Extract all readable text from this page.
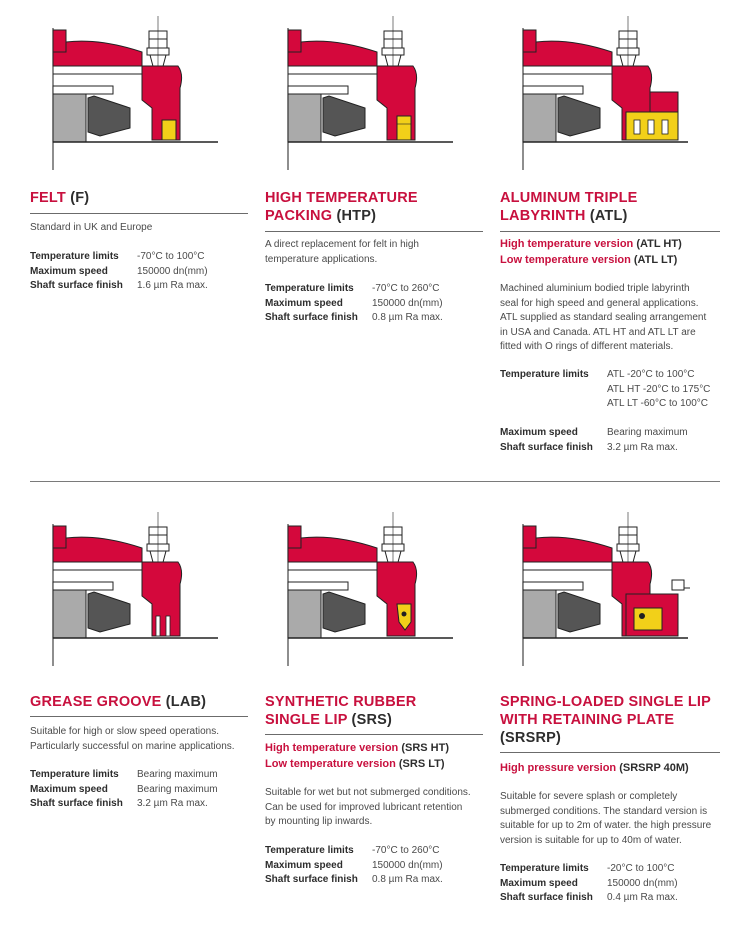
FELT (F)
Standard in UK and Europe
Temperature limits -70°C to 100°C
Maximum speed	150000 dn(mm)
Shaft surface finish 1.6 µm Ra max.
HIGH TEMPERATURE
PACKING (HTP)
A direct replacement for felt in high
temperature applications.
Temperature limits -70°C to 260°C
Maximum speed	150000 dn(mm)
Shaft surface finish 0.8 µm Ra max.
ALUMINUM TRIPLE
LABYRINTH (ATL)
High temperature version (ATL HT)
Low temperature version (ATL LT)
Machined aluminium bodied triple labyrinth
seal for high speed and general applications.
ATL supplied as standard sealing arrangement
in USA and Canada. ATL HT and ATL LT are
fitted with O rings of different materials.
Temperature limits ATL -20°C to 100°C
ATL HT -20°C to 175°C
ATL LT -60°C to 100°C
Maximum speed	Bearing maximum
Shaft surface finish 3.2 µm Ra max.
GREASE GROOVE (LAB)
Suitable for high or slow speed operations.
Particularly successful on marine applications.
Temperature limits Bearing maximum
Maximum speed	Bearing maximum
Shaft surface finish 3.2 µm Ra max.
SYNTHETIC RUBBER
SINGLE LIP (SRS)
High temperature version (SRS HT)
Low temperature version (SRS LT)
Suitable for wet but not submerged conditions.
Can be used for improved lubricant retention
by mounting lip inwards.
Temperature limits -70°C to 260°C
Maximum speed	150000 dn(mm)
Shaft surface finish 0.8 µm Ra max.
SPRING-LOADED SINGLE LIP
WITH RETAINING PLATE
(SRSRP)
High pressure version (SRSRP 40M)
Suitable for severe splash or completely
submerged conditions. The standard version is
suitable for up to 2m of water. the high pressure
version is suitable for up to 40m of water.
Temperature limits -20°C to 100°C
Maximum speed	150000 dn(mm)
Shaft surface finish 0.4 µm Ra max.
